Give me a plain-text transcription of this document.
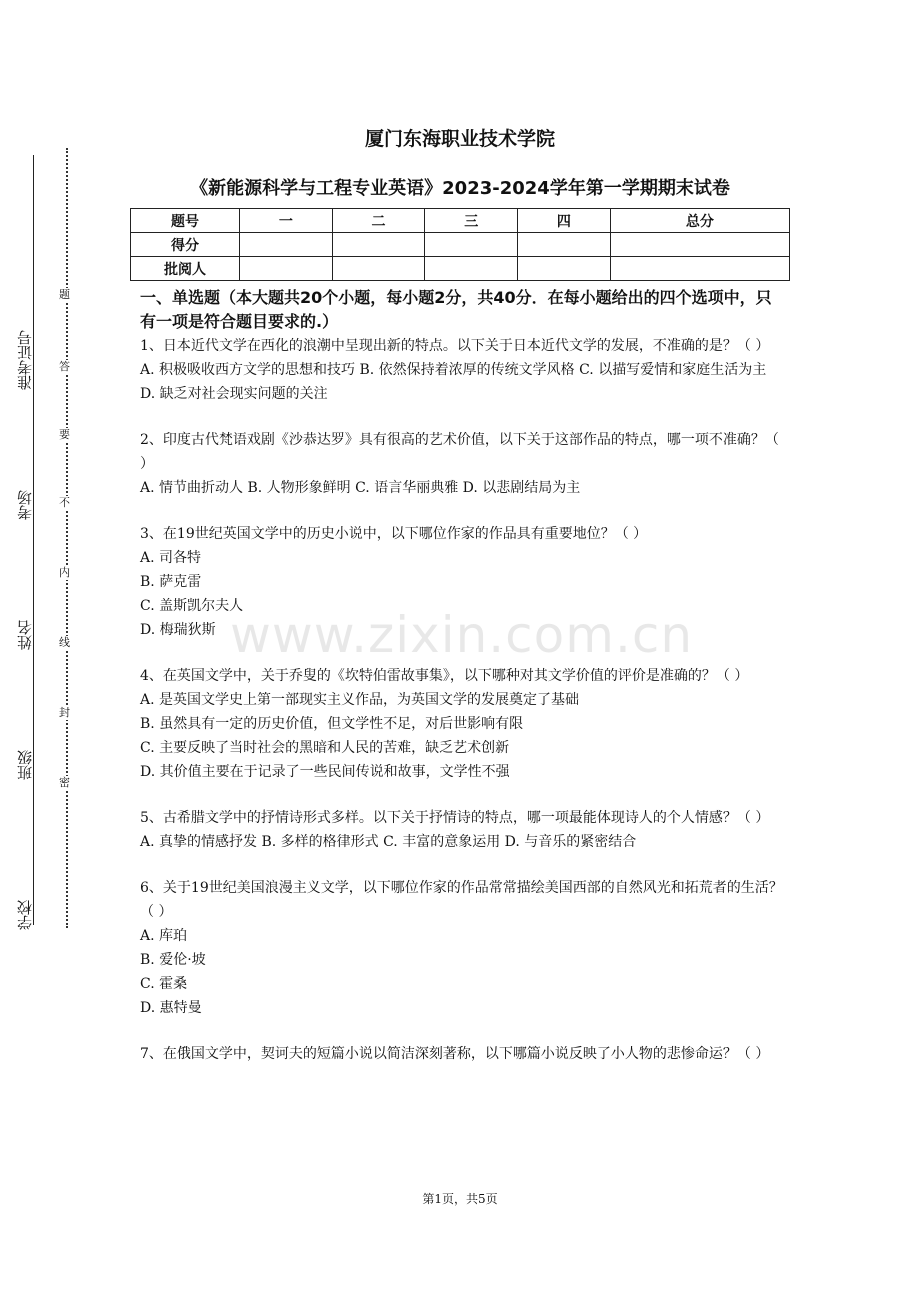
学校
班级
姓名
考场
准考证号
题
答
要
不
内
线
封
密
厦门东海职业技术学院
《新能源科学与工程专业英语》2023-2024学年第一学期期末试卷
题号	一	二	三	四	总分
得分					
批阅人					
一、单选题（本大题共20个小题，每小题2分，共40分．在每小题给出的四个选项中，只有一项是符合题目要求的.）
1、日本近代文学在西化的浪潮中呈现出新的特点。以下关于日本近代文学的发展，不准确的是？（ ）
A. 积极吸收西方文学的思想和技巧 B. 依然保持着浓厚的传统文学风格 C. 以描写爱情和家庭生活为主 D. 缺乏对社会现实问题的关注
2、印度古代梵语戏剧《沙恭达罗》具有很高的艺术价值，以下关于这部作品的特点，哪一项不准确？（ ）
A. 情节曲折动人 B. 人物形象鲜明 C. 语言华丽典雅 D. 以悲剧结局为主
3、在19世纪英国文学中的历史小说中，以下哪位作家的作品具有重要地位？（ ）
A. 司各特
B. 萨克雷
C. 盖斯凯尔夫人
D. 梅瑞狄斯
4、在英国文学中，关于乔叟的《坎特伯雷故事集》，以下哪种对其文学价值的评价是准确的？（ ）
A. 是英国文学史上第一部现实主义作品，为英国文学的发展奠定了基础
B. 虽然具有一定的历史价值，但文学性不足，对后世影响有限
C. 主要反映了当时社会的黑暗和人民的苦难，缺乏艺术创新
D. 其价值主要在于记录了一些民间传说和故事，文学性不强
5、古希腊文学中的抒情诗形式多样。以下关于抒情诗的特点，哪一项最能体现诗人的个人情感？（ ）
A. 真挚的情感抒发 B. 多样的格律形式 C. 丰富的意象运用 D. 与音乐的紧密结合
6、关于19世纪美国浪漫主义文学，以下哪位作家的作品常常描绘美国西部的自然风光和拓荒者的生活？（ ）
A. 库珀
B. 爱伦·坡
C. 霍桑
D. 惠特曼
7、在俄国文学中，契诃夫的短篇小说以简洁深刻著称，以下哪篇小说反映了小人物的悲惨命运？（ ）
www.zixin.com.cn
第1页，共5页
